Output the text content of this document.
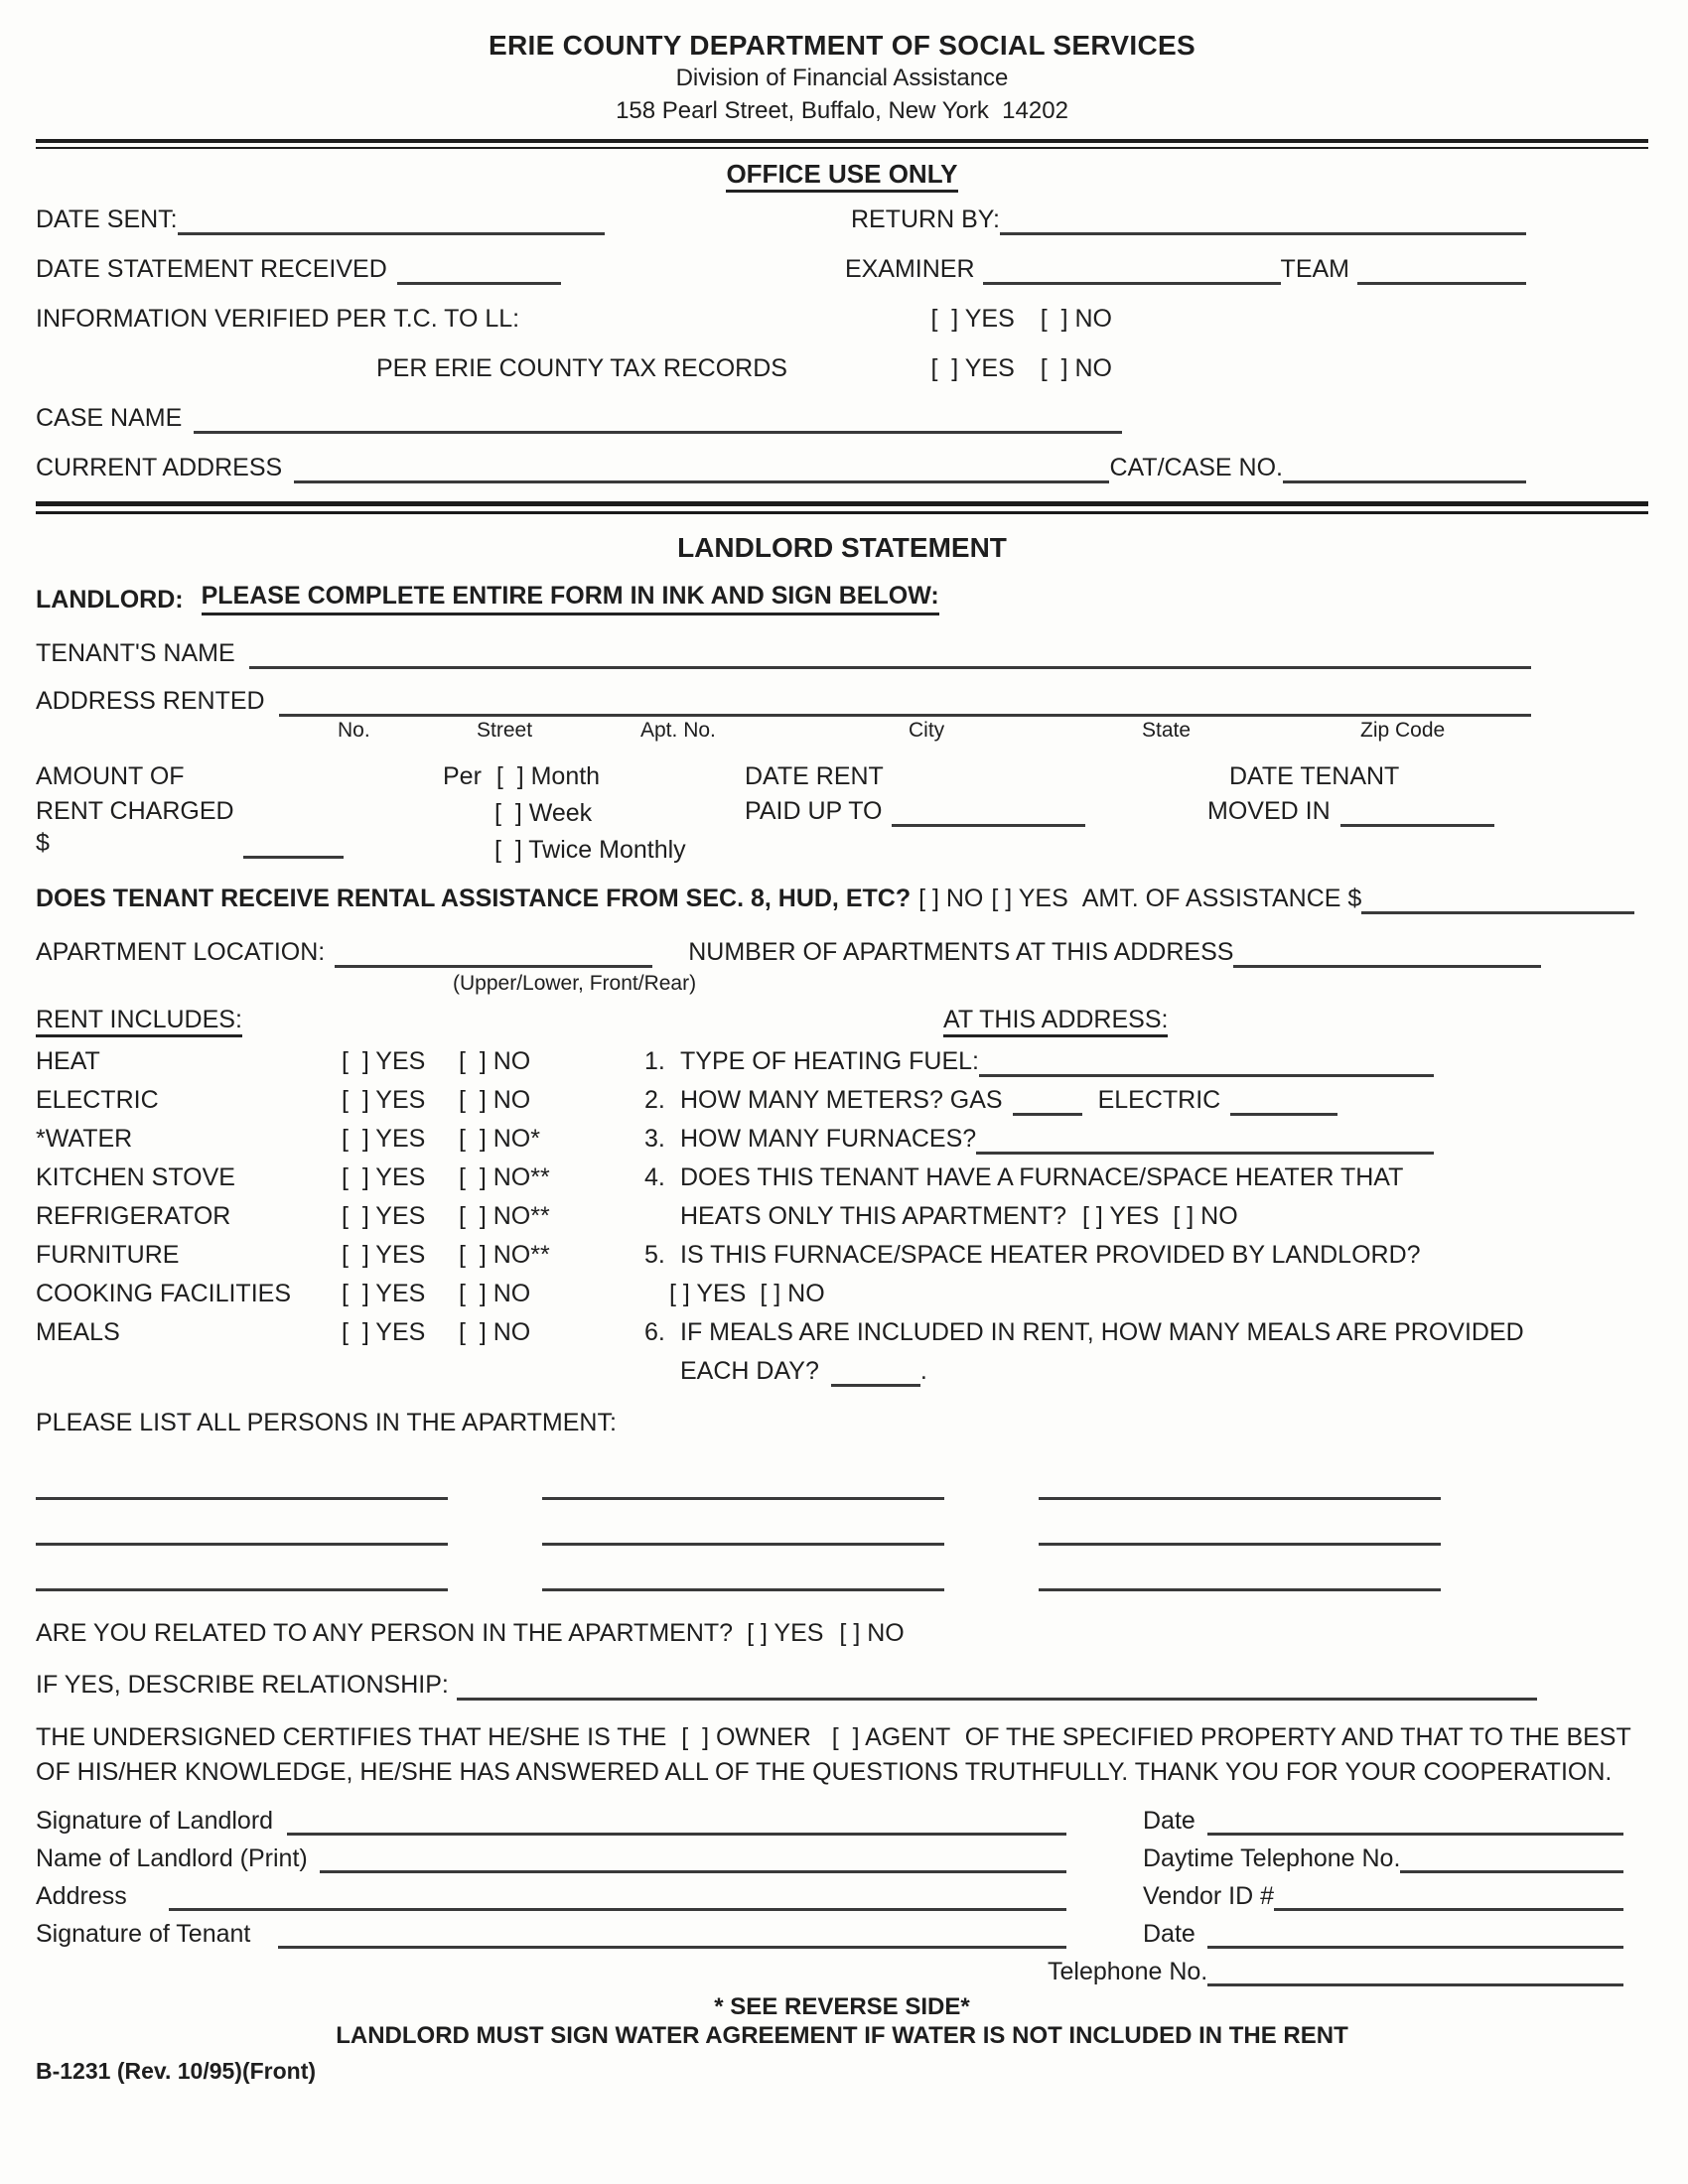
ERIE COUNTY DEPARTMENT OF SOCIAL SERVICES
Division of Financial Assistance
158 Pearl Street, Buffalo, New York  14202
OFFICE USE ONLY
DATE SENT:	RETURN BY:
DATE STATEMENT RECEIVED	EXAMINER	TEAM
INFORMATION VERIFIED PER T.C. TO LL:	[  ] YES [  ] NO
PER ERIE COUNTY TAX RECORDS	[  ] YES [  ] NO
CASE NAME
CURRENT ADDRESS	CAT/CASE NO.
LANDLORD STATEMENT
LANDLORD: PLEASE COMPLETE ENTIRE FORM IN INK AND SIGN BELOW:
TENANT'S NAME
ADDRESS RENTED
No.	Street	Apt. No.	City	State	Zip Code
AMOUNT OF
RENT CHARGED $
Per [  ] Month
[  ] Week
[  ] Twice Monthly
DATE RENT
PAID UP TO
DATE TENANT
MOVED IN
DOES TENANT RECEIVE RENTAL ASSISTANCE FROM SEC. 8, HUD, ETC? [ ] NO [ ] YES AMT. OF ASSISTANCE $
APARTMENT LOCATION:	NUMBER OF APARTMENTS AT THIS ADDRESS
(Upper/Lower, Front/Rear)
RENT INCLUDES:
HEAT	[  ] YES	[  ] NO
ELECTRIC	[  ] YES	[  ] NO
*WATER	[  ] YES	[  ] NO*
KITCHEN STOVE	[  ] YES	[  ] NO**
REFRIGERATOR	[  ] YES	[  ] NO**
FURNITURE	[  ] YES	[  ] NO**
COOKING FACILITIES	[  ] YES	[  ] NO
MEALS	[  ] YES	[  ] NO
AT THIS ADDRESS:
1. TYPE OF HEATING FUEL:
2. HOW MANY METERS? GAS	ELECTRIC
3. HOW MANY FURNACES?
4. DOES THIS TENANT HAVE A FURNACE/SPACE HEATER THAT
HEATS ONLY THIS APARTMENT? [ ] YES [ ] NO
5. IS THIS FURNACE/SPACE HEATER PROVIDED BY LANDLORD?
[ ] YES [ ] NO
6. IF MEALS ARE INCLUDED IN RENT, HOW MANY MEALS ARE PROVIDED
EACH DAY?	.
PLEASE LIST ALL PERSONS IN THE APARTMENT:
ARE YOU RELATED TO ANY PERSON IN THE APARTMENT? [ ] YES [ ] NO
IF YES, DESCRIBE RELATIONSHIP:
THE UNDERSIGNED CERTIFIES THAT HE/SHE IS THE [  ] OWNER [  ] AGENT OF THE SPECIFIED PROPERTY AND THAT TO THE BEST OF HIS/HER KNOWLEDGE, HE/SHE HAS ANSWERED ALL OF THE QUESTIONS TRUTHFULLY. THANK YOU FOR YOUR COOPERATION.
Signature of Landlord	Date
Name of Landlord (Print)	Daytime Telephone No.
Address	Vendor ID #
Signature of Tenant	Date
Telephone No.
* SEE REVERSE SIDE*
LANDLORD MUST SIGN WATER AGREEMENT IF WATER IS NOT INCLUDED IN THE RENT
B-1231 (Rev. 10/95)(Front)
